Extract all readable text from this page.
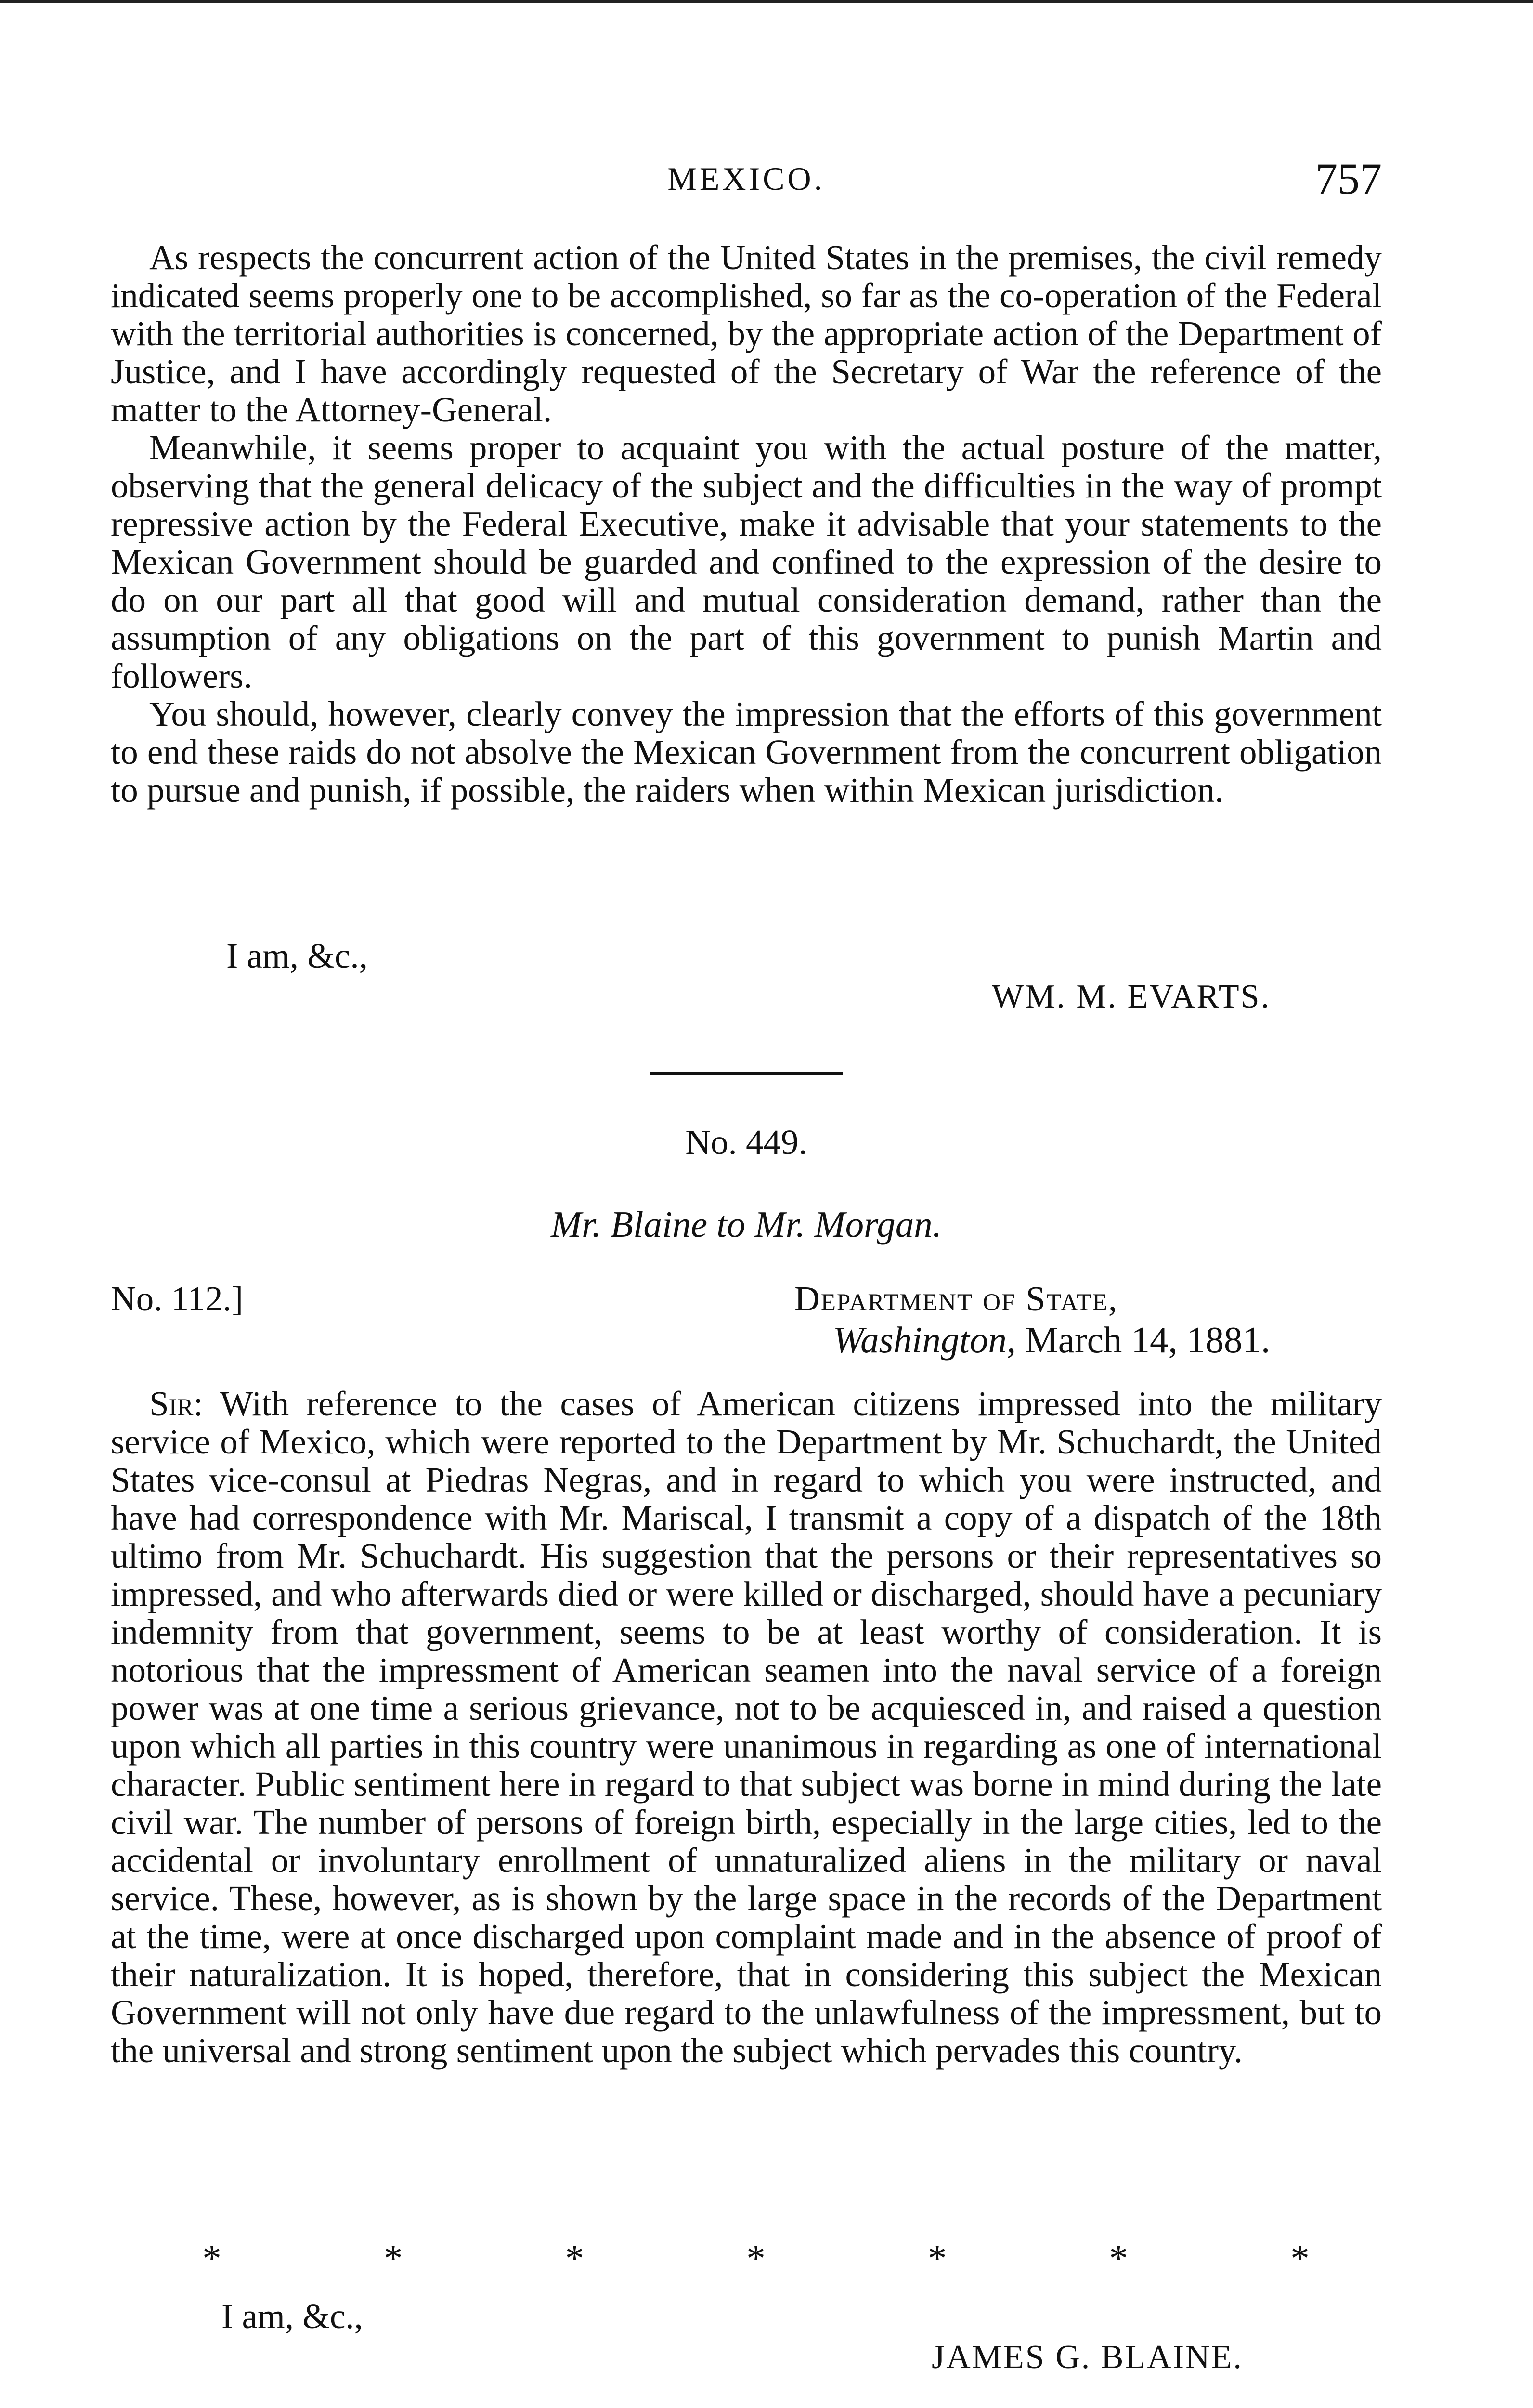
MEXICO.	757

As respects the concurrent action of the United States in the premises, the civil remedy indicated seems properly one to be accomplished, so far as the co-operation of the Federal with the territorial authorities is concerned, by the appropriate action of the Department of Justice, and I have accordingly requested of the Secretary of War the reference of the matter to the Attorney-General.

Meanwhile, it seems proper to acquaint you with the actual posture of the matter, observing that the general delicacy of the subject and the difficulties in the way of prompt repressive action by the Federal Executive, make it advisable that your statements to the Mexican Government should be guarded and confined to the expression of the desire to do on our part all that good will and mutual consideration demand, rather than the assumption of any obligations on the part of this government to punish Martin and followers.

You should, however, clearly convey the impression that the efforts of this government to end these raids do not absolve the Mexican Government from the concurrent obligation to pursue and punish, if possible, the raiders when within Mexican jurisdiction.

I am, &c.,
WM. M. EVARTS.
No. 449.
Mr. Blaine to Mr. Morgan.
No. 112.]	Department of State,
Washington, March 14, 1881.

Sir: With reference to the cases of American citizens impressed into the military service of Mexico, which were reported to the Department by Mr. Schuchardt, the United States vice-consul at Piedras Negras, and in regard to which you were instructed, and have had correspondence with Mr. Mariscal, I transmit a copy of a dispatch of the 18th ultimo from Mr. Schuchardt. His suggestion that the persons or their representatives so impressed, and who afterwards died or were killed or discharged, should have a pecuniary indemnity from that government, seems to be at least worthy of consideration. It is notorious that the impressment of American seamen into the naval service of a foreign power was at one time a serious grievance, not to be acquiesced in, and raised a question upon which all parties in this country were unanimous in regarding as one of international character. Public sentiment here in regard to that subject was borne in mind during the late civil war. The number of persons of foreign birth, especially in the large cities, led to the accidental or involuntary enrollment of unnaturalized aliens in the military or naval service. These, however, as is shown by the large space in the records of the Department at the time, were at once discharged upon complaint made and in the absence of proof of their naturalization. It is hoped, therefore, that in considering this subject the Mexican Government will not only have due regard to the unlawfulness of the impressment, but to the universal and strong sentiment upon the subject which pervades this country.

*	*	*	*	*	*	*
I am, &c.,
JAMES G. BLAINE.
